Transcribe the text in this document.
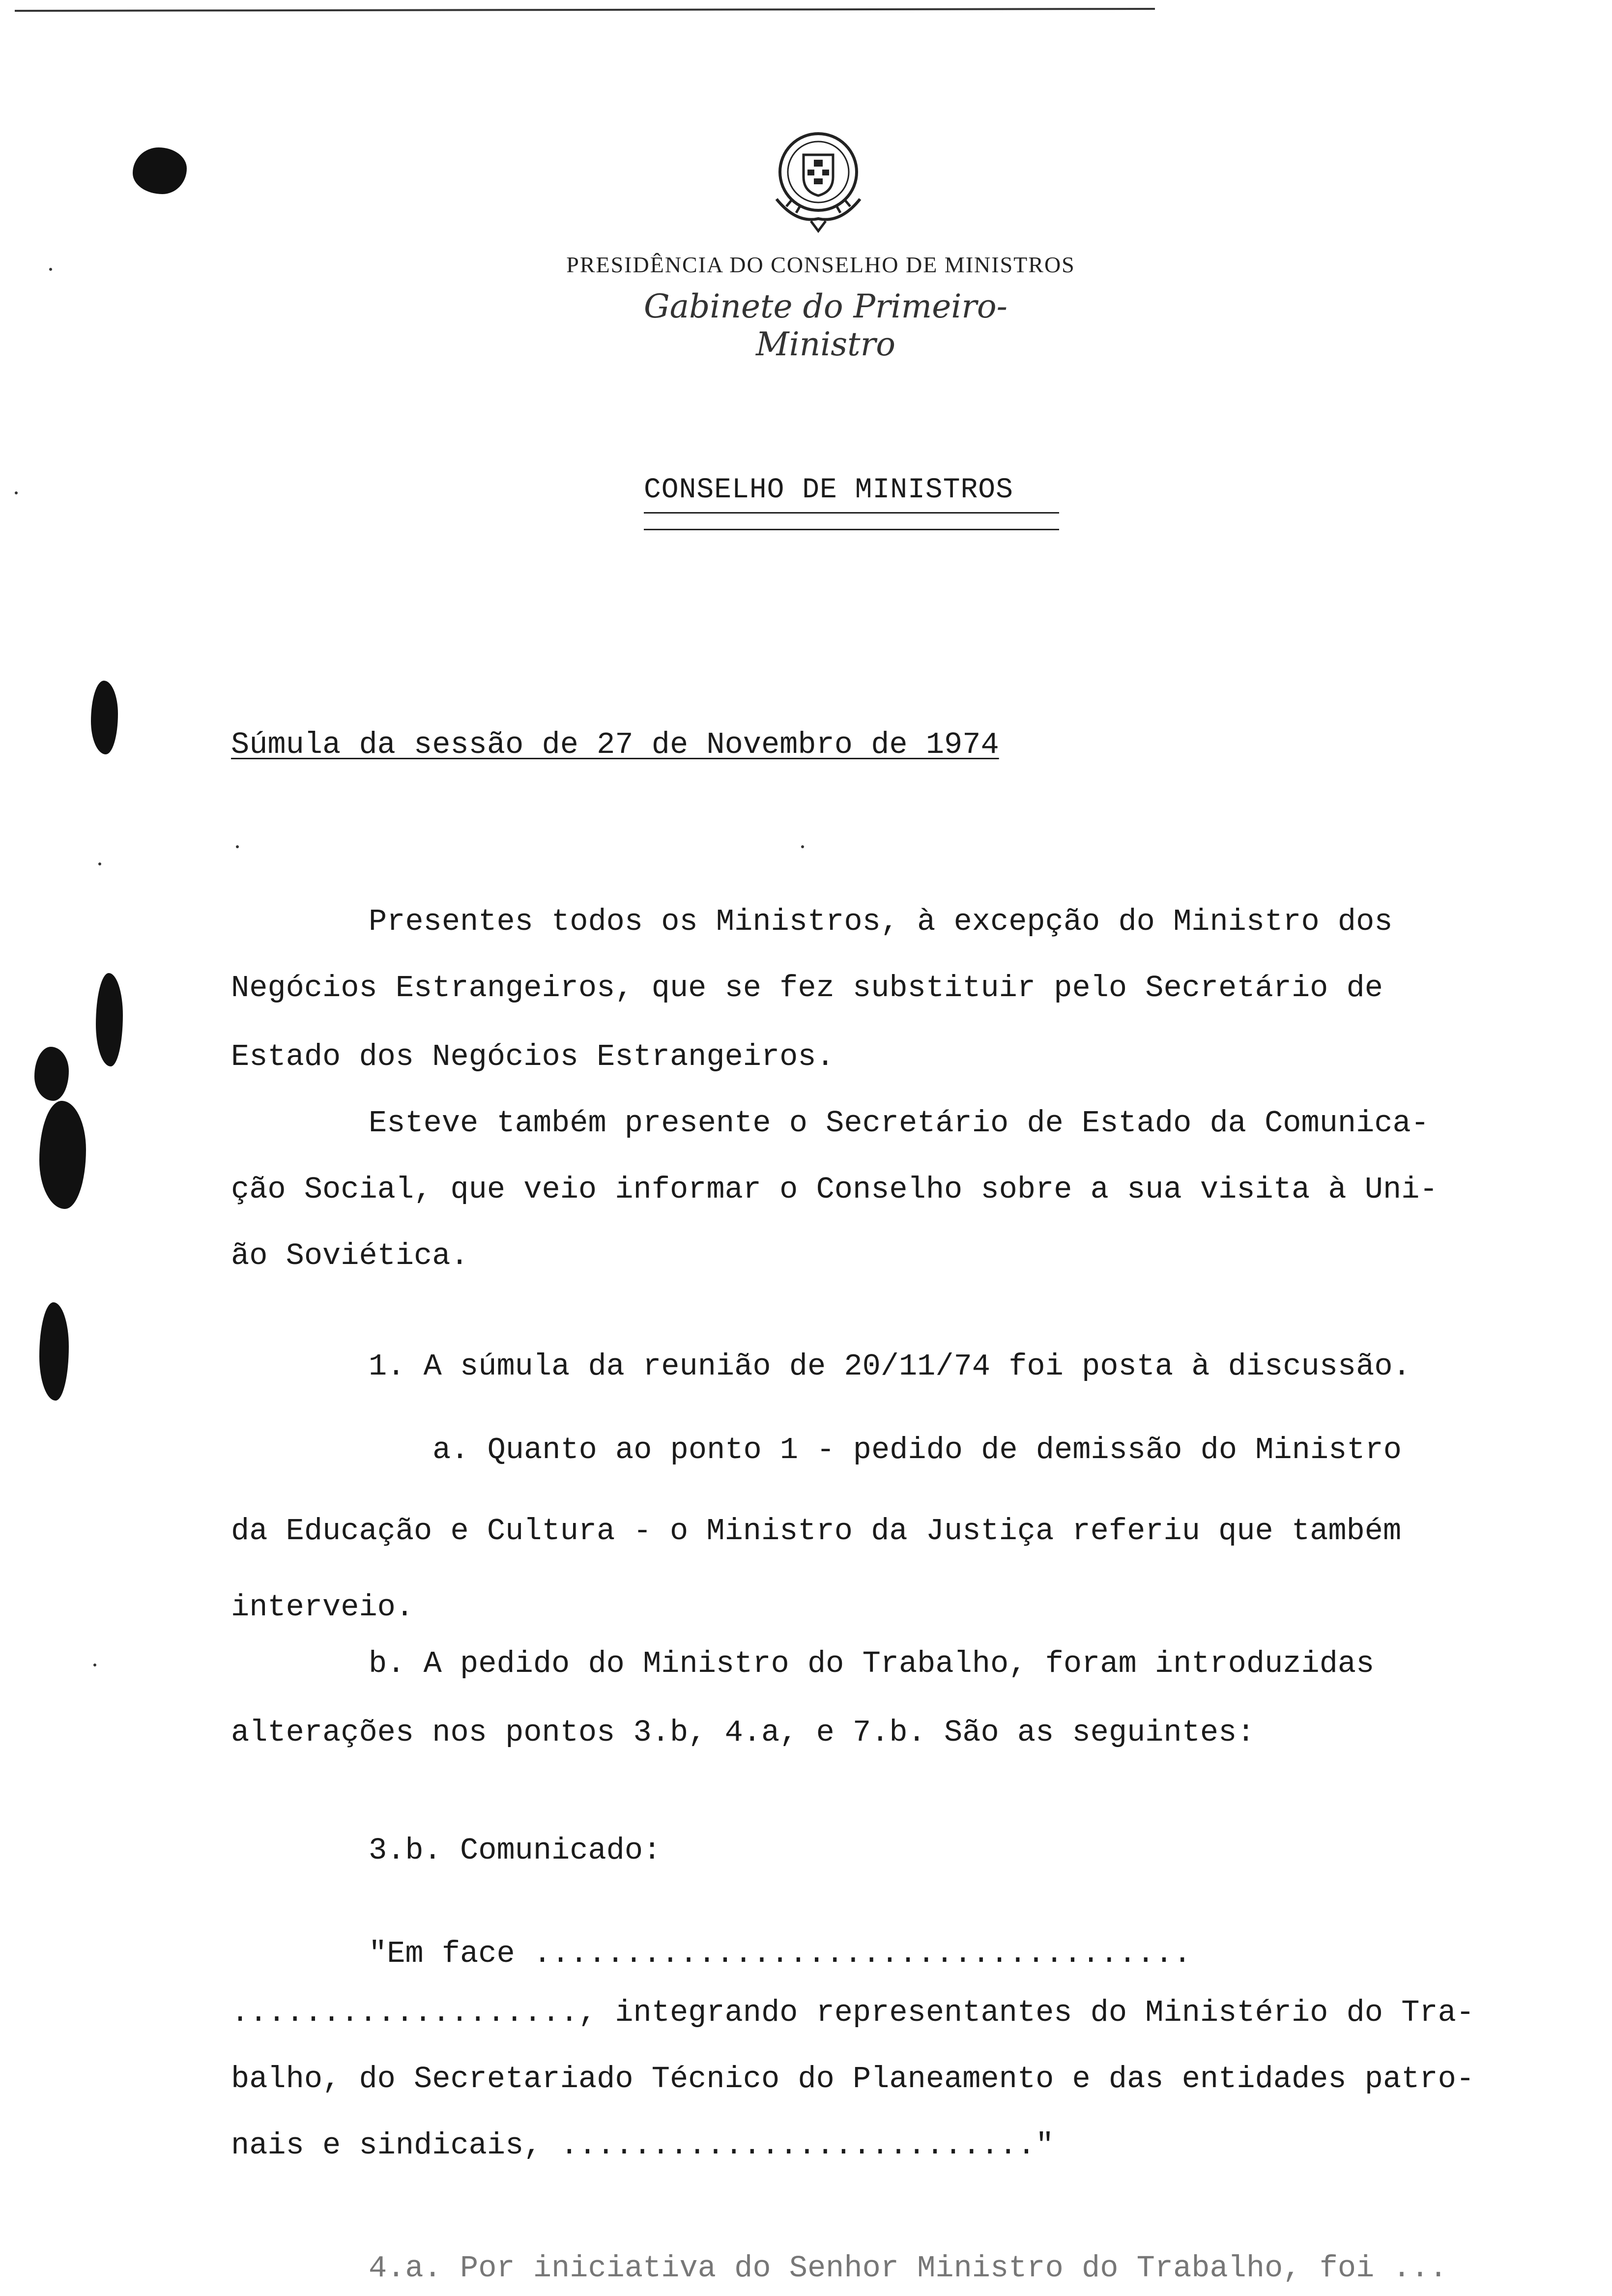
PRESIDÊNCIA DO CONSELHO DE MINISTROS
Gabinete do Primeiro-Ministro
CONSELHO DE MINISTROS
Súmula da sessão de 27 de Novembro de 1974
Presentes todos os Ministros, à excepção do Ministro dos
Negócios Estrangeiros, que se fez substituir pelo Secretário de
Estado dos Negócios Estrangeiros.
Esteve também presente o Secretário de Estado da Comunica-
ção Social, que veio informar o Conselho sobre a sua visita à Uni-
ão Soviética.
1. A súmula da reunião de 20/11/74 foi posta à discussão.
a. Quanto ao ponto 1 - pedido de demissão do Ministro
da Educação e Cultura - o Ministro da Justiça referiu que também
interveio.
b. A pedido do Ministro do Trabalho, foram introduzidas
alterações nos pontos 3.b, 4.a, e 7.b. São as seguintes:
3.b. Comunicado:
"Em face ....................................
..................., integrando representantes do Ministério do Tra-
balho, do Secretariado Técnico do Planeamento e das entidades patro-
nais e sindicais, .........................."
4.a. Por iniciativa do Senhor Ministro do Trabalho, foi ...
